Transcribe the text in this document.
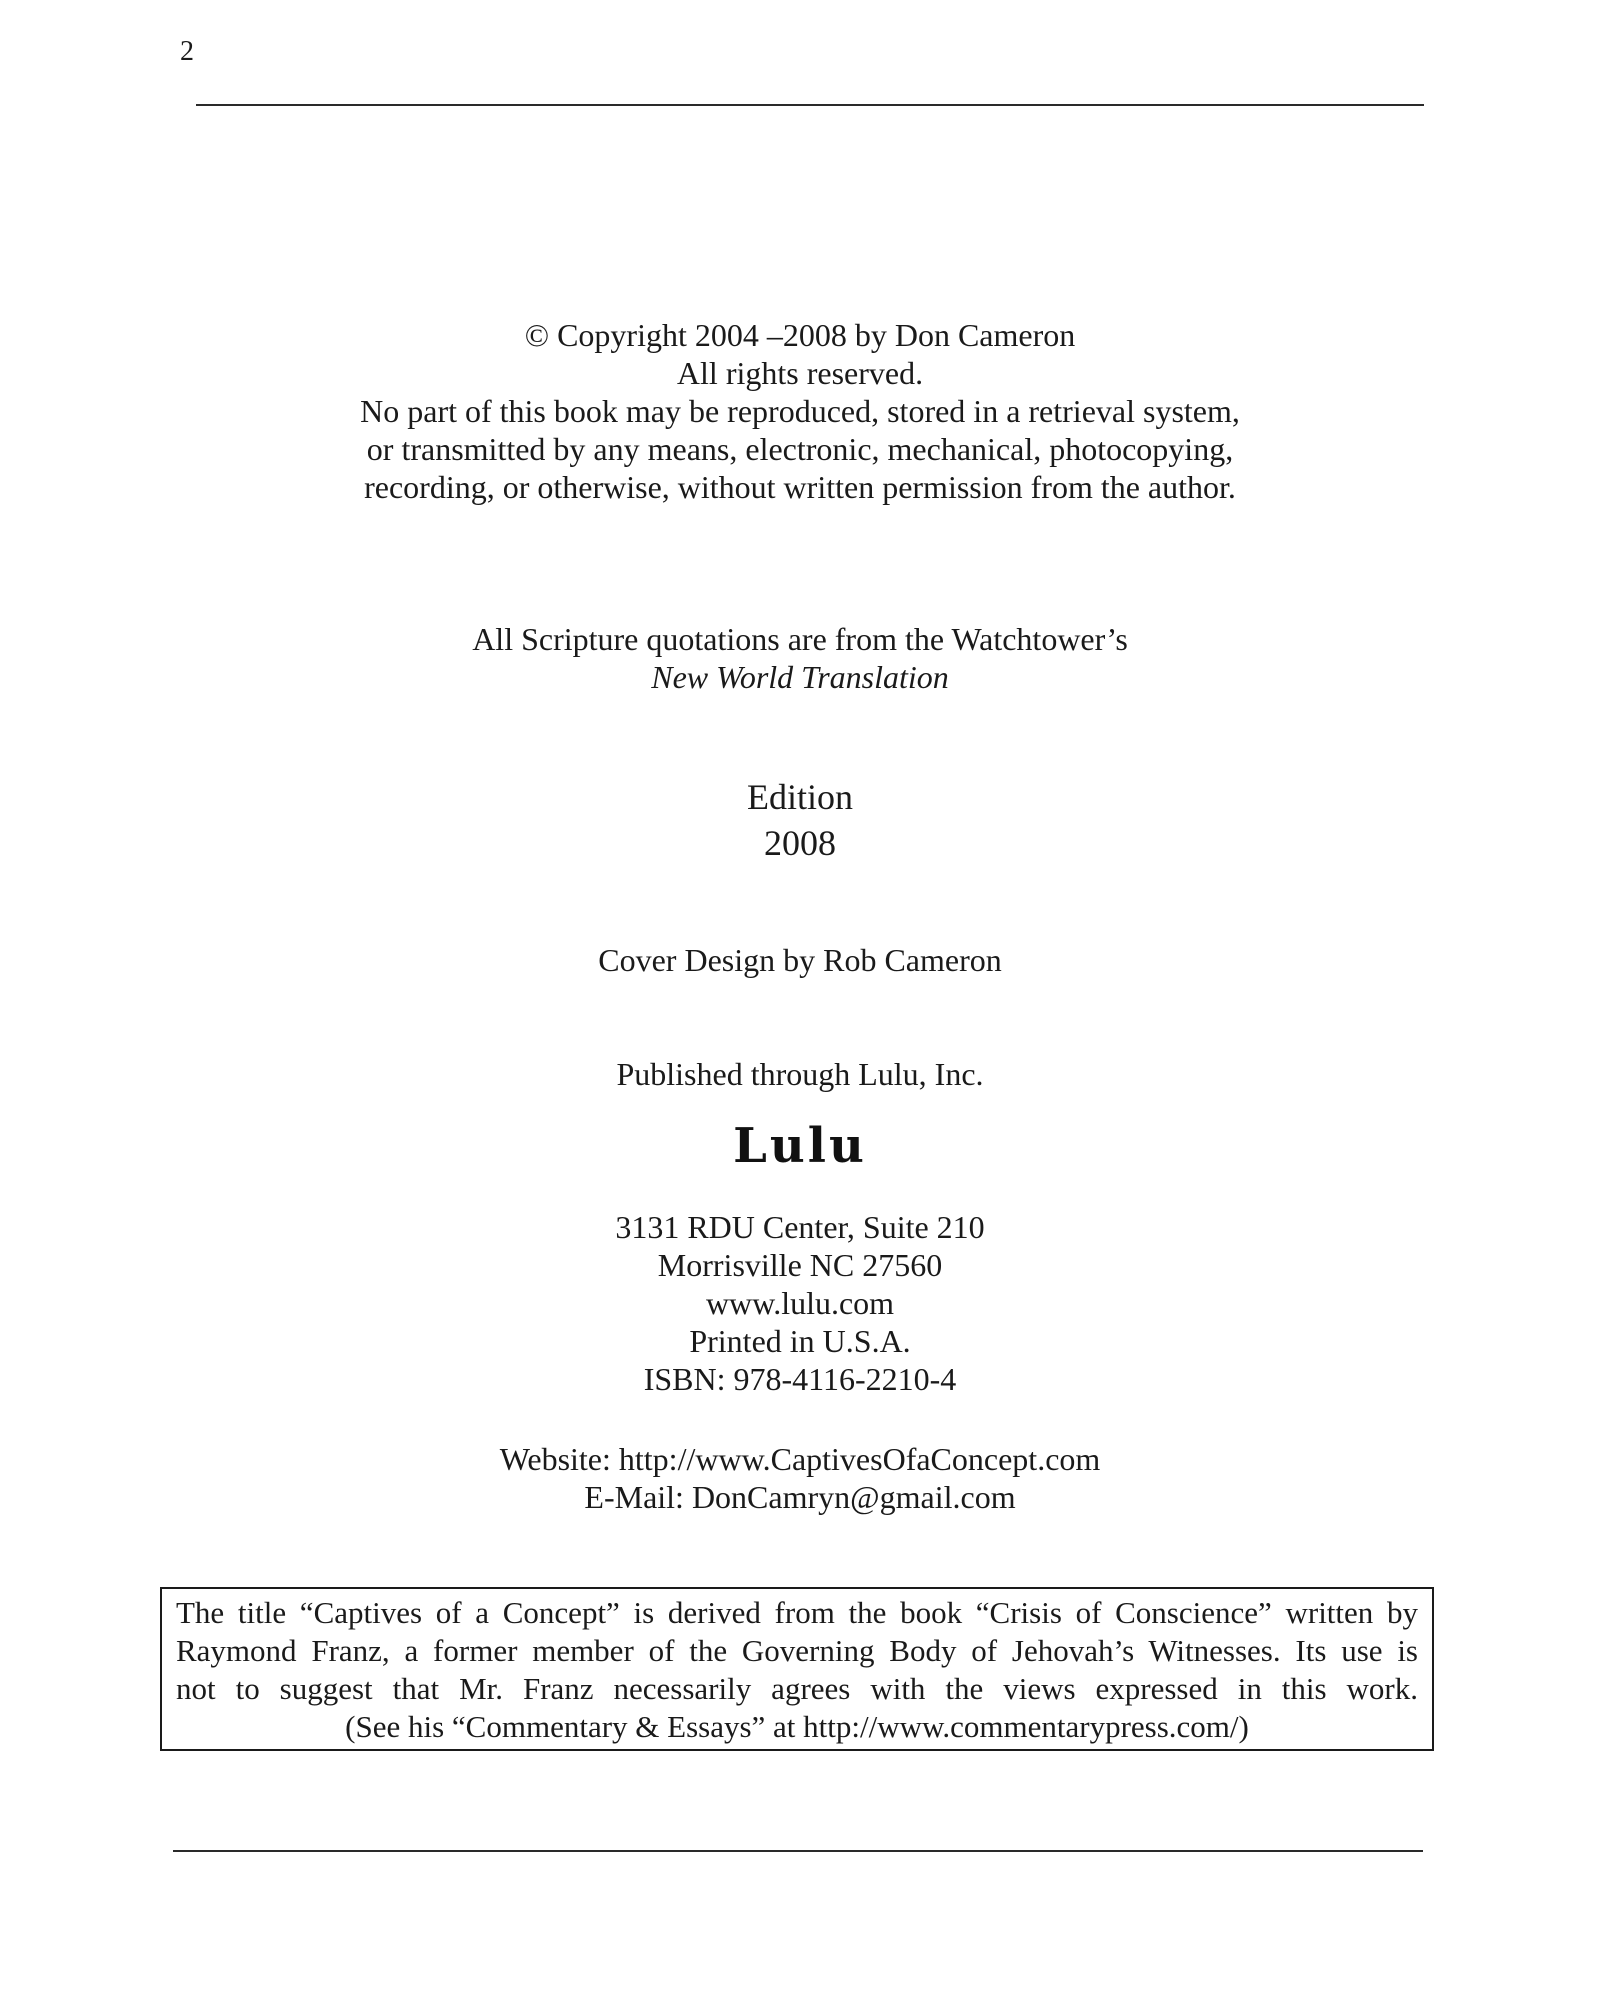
2
© Copyright 2004 –2008 by Don Cameron
All rights reserved.
No part of this book may be reproduced, stored in a retrieval system,
or transmitted by any means, electronic, mechanical, photocopying,
recording, or otherwise, without written permission from the author.
All Scripture quotations are from the Watchtower’s
New World Translation
Edition
2008
Cover Design by Rob Cameron
Published through Lulu, Inc.
Lulu
3131 RDU Center, Suite 210
Morrisville NC 27560
www.lulu.com
Printed in U.S.A.
ISBN: 978-4116-2210-4
Website: http://www.CaptivesOfaConcept.com
E-Mail: DonCamryn@gmail.com
The title “Captives of a Concept” is derived from the book “Crisis of Conscience” written by
Raymond Franz, a former member of the Governing Body of Jehovah’s Witnesses. Its use is
not to suggest that Mr. Franz necessarily agrees with the views expressed in this work.
(See his “Commentary & Essays” at http://www.commentarypress.com/)
